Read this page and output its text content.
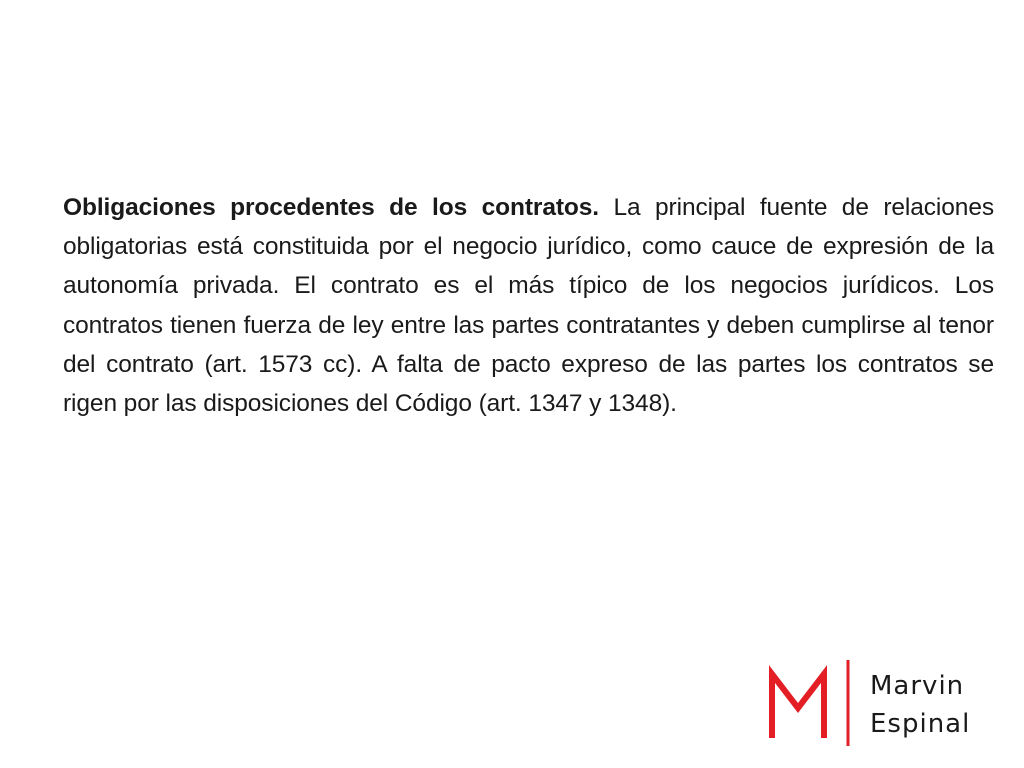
Obligaciones procedentes de los contratos. La principal fuente de relaciones obligatorias está constituida por el negocio jurídico, como cauce de expresión de la autonomía privada. El contrato es el más típico de los negocios jurídicos. Los contratos tienen fuerza de ley entre las partes contratantes y deben cumplirse al tenor del contrato (art. 1573 cc). A falta de pacto expreso de las partes los contratos se rigen por las disposiciones del Código (art. 1347 y 1348).

Marvin
Espinal
